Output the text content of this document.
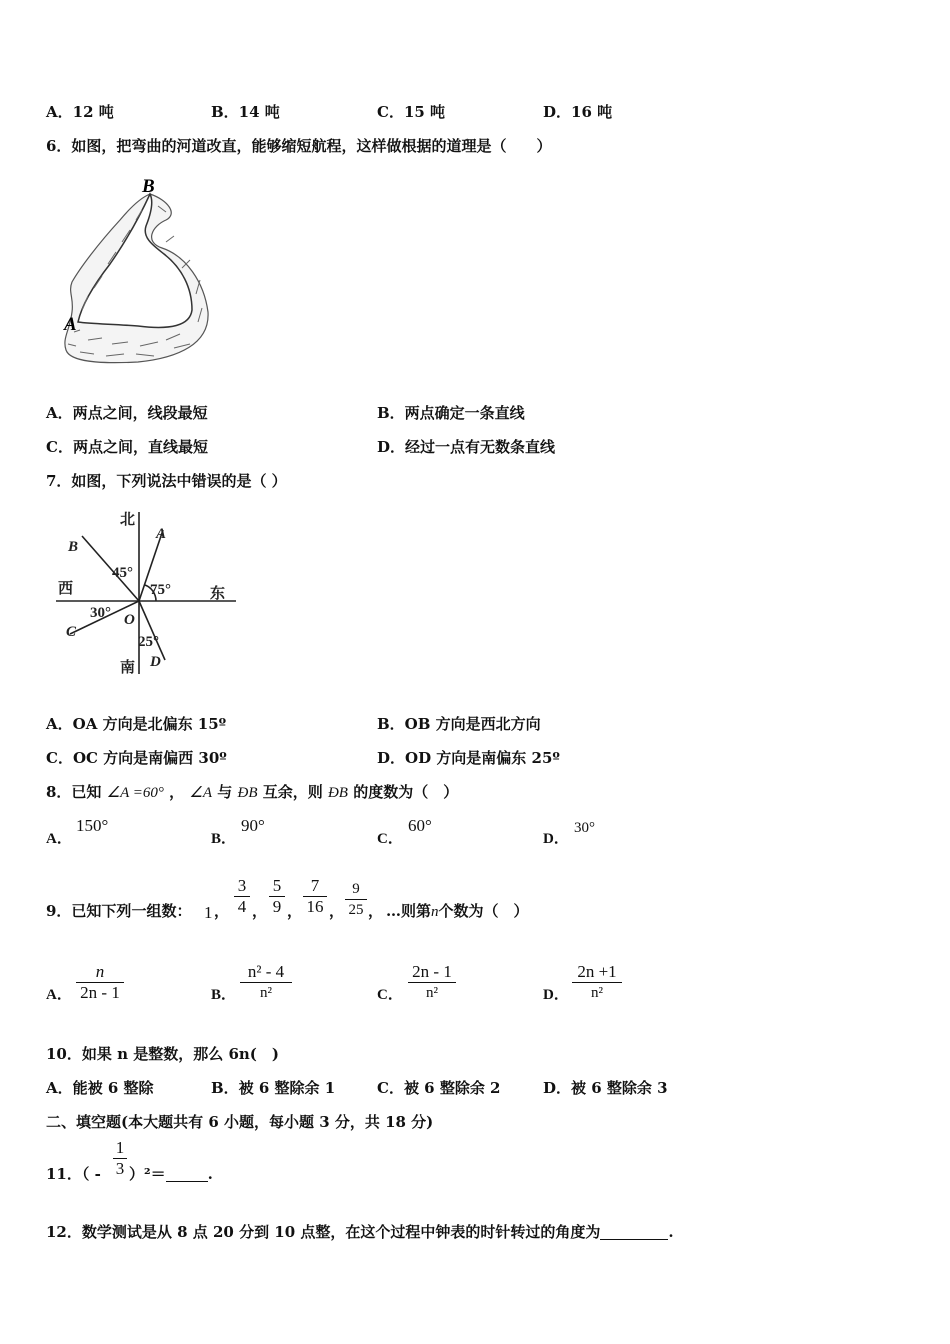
A．12 吨	B．14 吨	C．15 吨	D．16 吨
6．如图，把弯曲的河道改直，能够缩短航程，这样做根据的道理是（　　）
B
A
A．两点之间，线段最短	B．两点确定一条直线
C．两点之间，直线最短	D．经过一点有无数条直线
7．如图，下列说法中错误的是（ ）
北
南
西	东
A
B
C
D
O
45°
75°
30°
25°
A．OA 方向是北偏东 15º	B．OB 方向是西北方向
C．OC 方向是南偏西 30º	D．OD 方向是南偏东 25º
8．已知 ∠A =60° ， ∠A 与 ÐB 互余，则 ÐB 的度数为（　）
A．
150°
B．
90°
C．
60°
D．
30°
9．已知下列一组数： 1 ，
3
4 ，
5
9 ，
7
16 ，
9
25 ， …则第n个数为（　）
A．
n
2n - 1	B．
n² - 4
n²	C．
2n - 1
n²	D．
2n +1
n²
10．如果 n 是整数，那么 6n(　)
A．能被 6 整除	B．被 6 整除余 1	C．被 6 整除余 2	D．被 6 整除余 3
二、填空题(本大题共有 6 小题，每小题 3 分，共 18 分)
11．（ -
1
3 ）²＝	.
12．数学测试是从 8 点 20 分到 10 点整，在这个过程中钟表的时针转过的角度为	.
